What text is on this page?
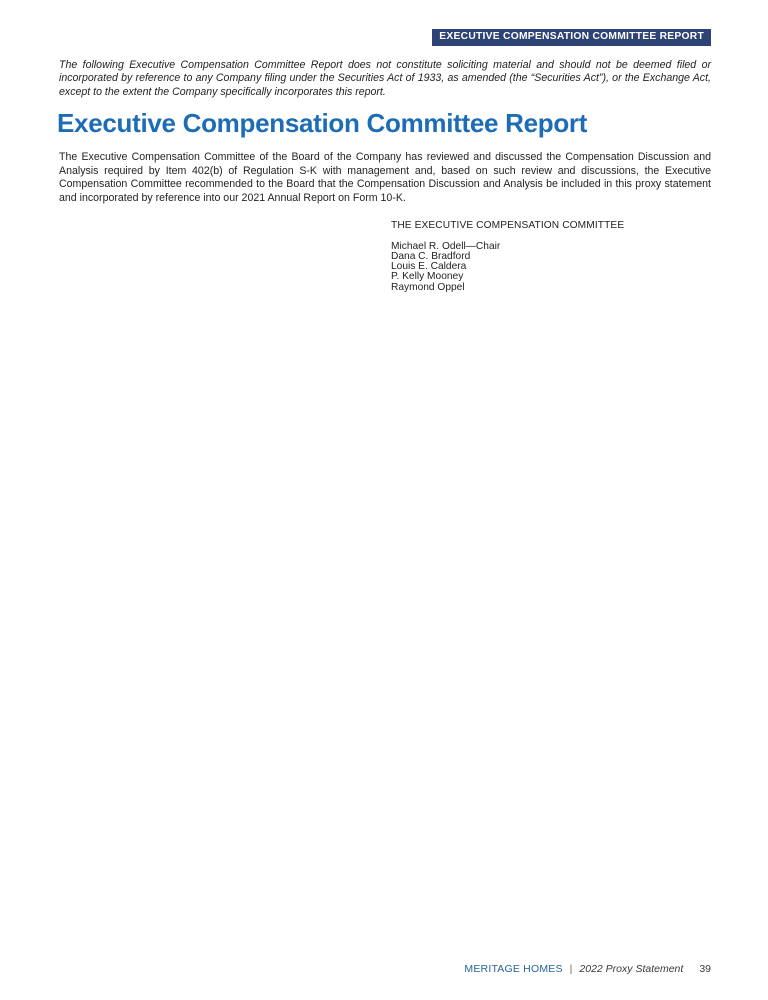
EXECUTIVE COMPENSATION COMMITTEE REPORT

The following Executive Compensation Committee Report does not constitute soliciting material and should not be deemed filed or incorporated by reference to any Company filing under the Securities Act of 1933, as amended (the “Securities Act”), or the Exchange Act, except to the extent the Company specifically incorporates this report.

Executive Compensation Committee Report

The Executive Compensation Committee of the Board of the Company has reviewed and discussed the Compensation Discussion and Analysis required by Item 402(b) of Regulation S-K with management and, based on such review and discussions, the Executive Compensation Committee recommended to the Board that the Compensation Discussion and Analysis be included in this proxy statement and incorporated by reference into our 2021 Annual Report on Form 10-K.

THE EXECUTIVE COMPENSATION COMMITTEE
Michael R. Odell—Chair
Dana C. Bradford
Louis E. Caldera
P. Kelly Mooney
Raymond Oppel
MERITAGE HOMES | 2022 Proxy Statement 39
